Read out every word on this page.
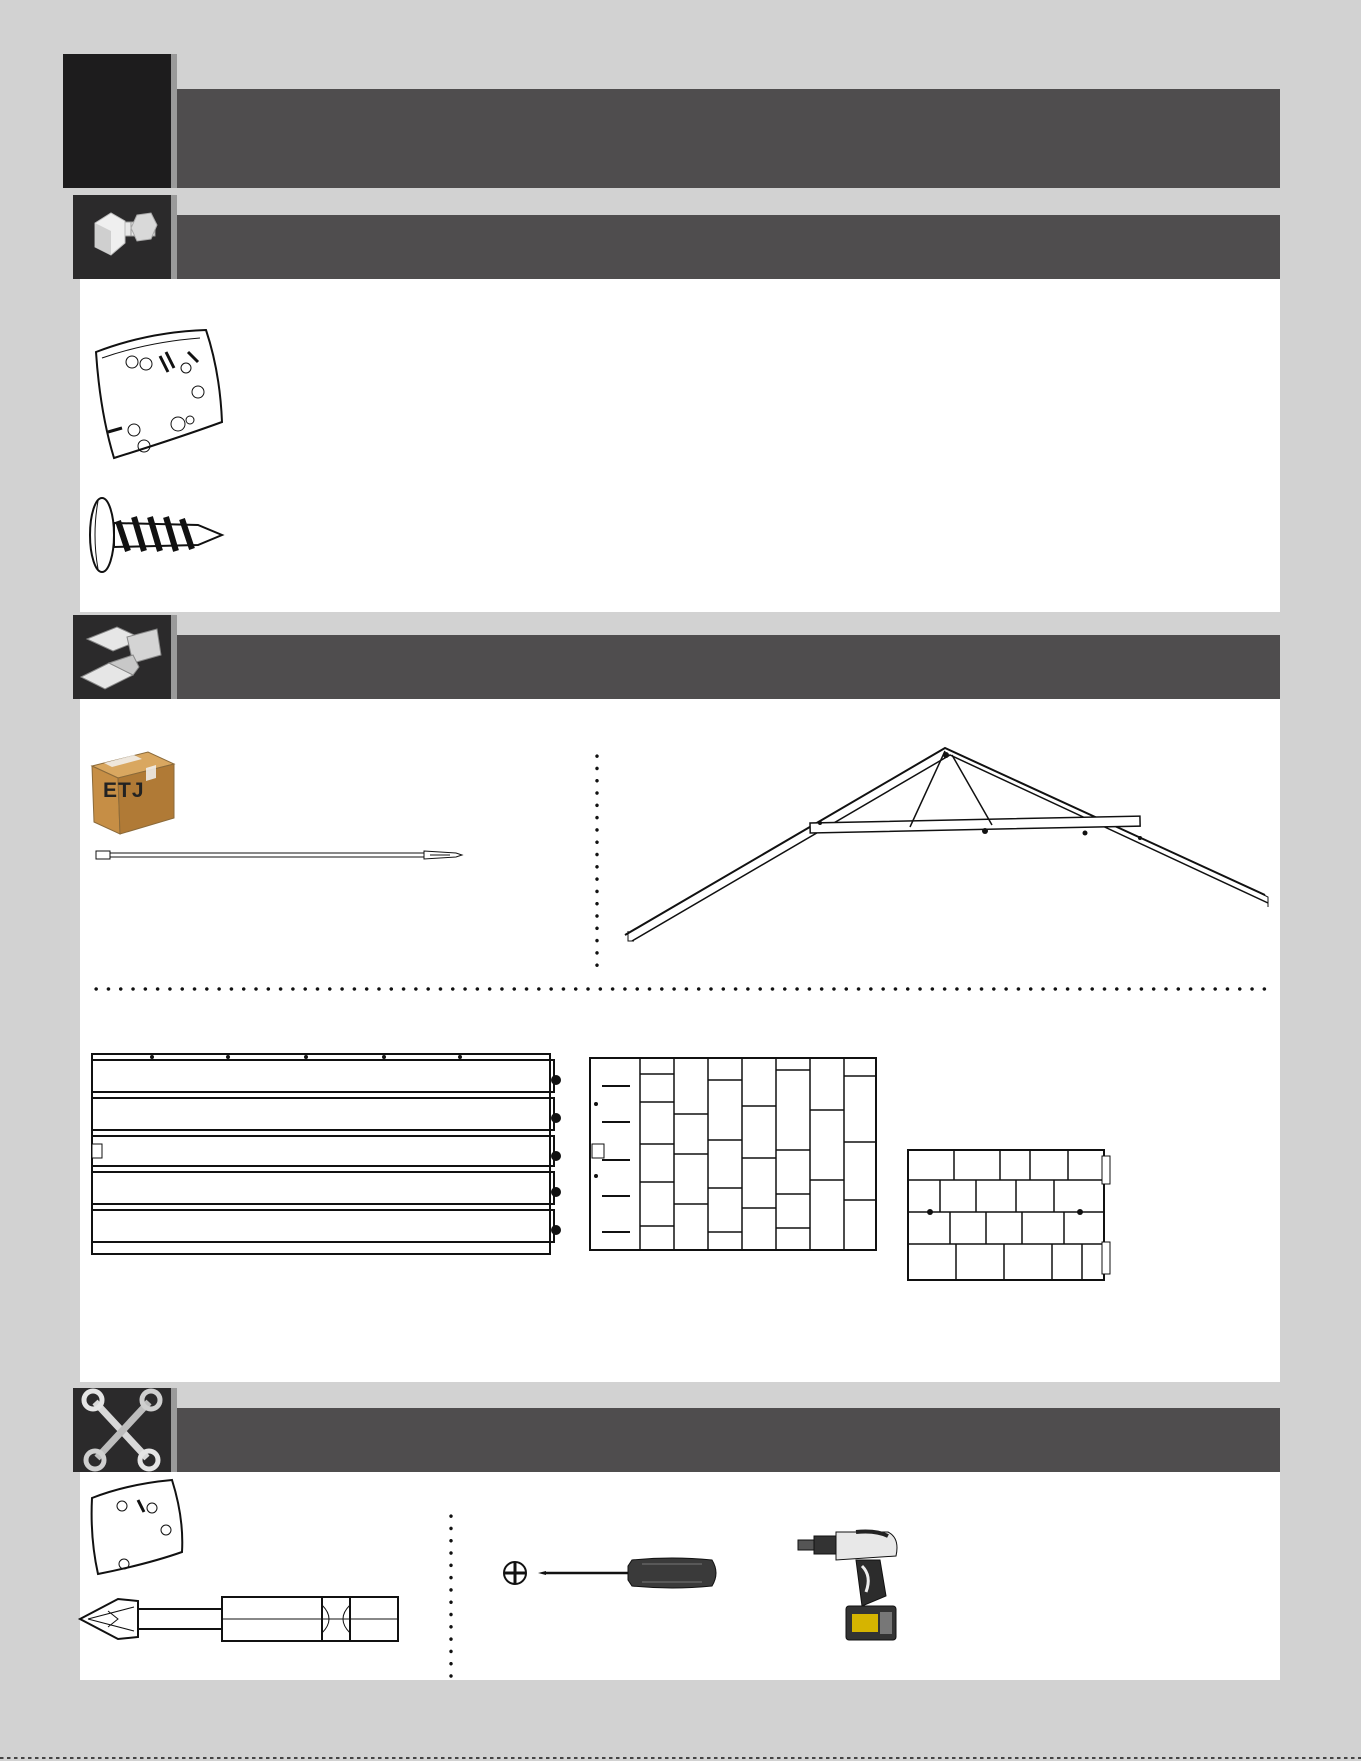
ETJ
